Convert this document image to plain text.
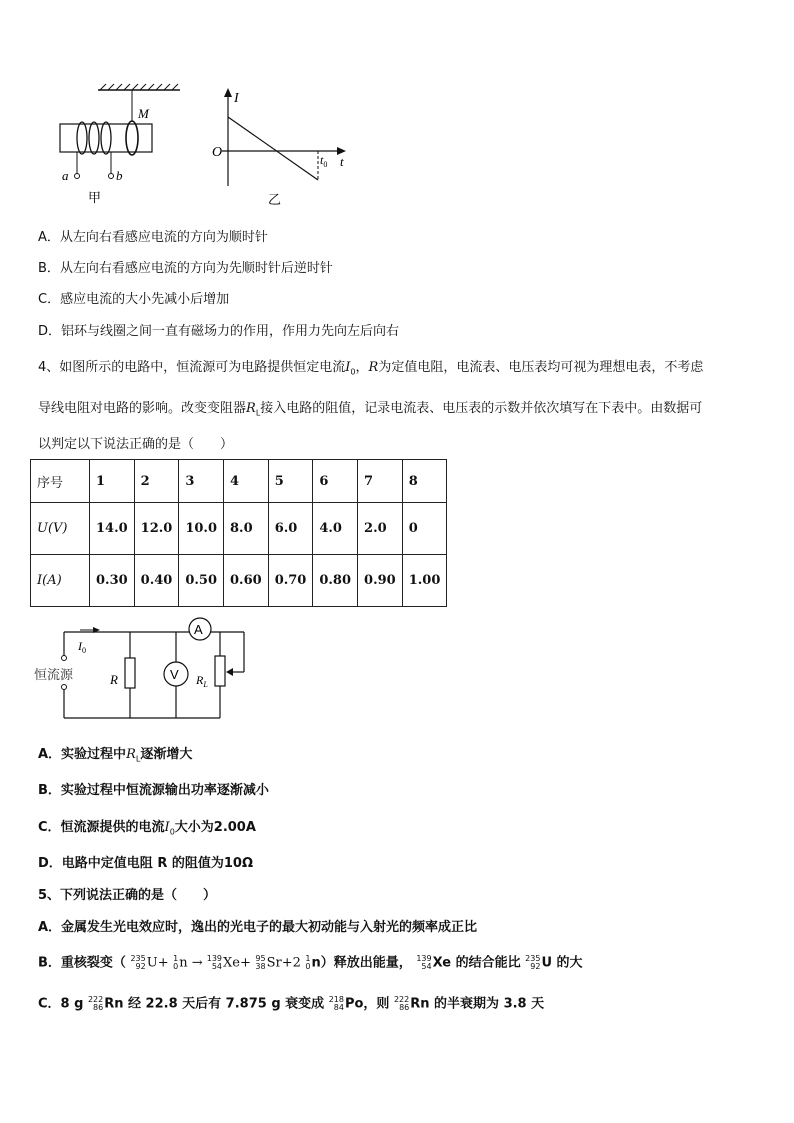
M
a	b
甲
I
O
t
$t_0$
乙
A．从左向右看感应电流的方向为顺时针
B．从左向右看感应电流的方向为先顺时针后逆时针
C．感应电流的大小先减小后增加
D．铝环与线圈之间一直有磁场力的作用，作用力先向左后向右
4、如图所示的电路中，恒流源可为电路提供恒定电流$I_0$，R为定值电阻，电流表、电压表均可视为理想电表，不考虑
导线电阻对电路的影响。改变变阻器$R_L$接入电路的阻值，记录电流表、电压表的示数并依次填写在下表中。由数据可
以判定以下说法正确的是（　　）
序号	1	2	3	4	5	6	7	8
U(V)	14.0	12.0	10.0	8.0	6.0	4.0	2.0	0
I(A)	0.30	0.40	0.50	0.60	0.70	0.80	0.90	1.00
$I_0$
恒流源	R	V
A
$R_L$
A．实验过程中$R_L$逐渐增大
B．实验过程中恒流源输出功率逐渐减小
C．恒流源提供的电流$I_0$大小为2.00A
D．电路中定值电阻 R 的阻值为10Ω
5、下列说法正确的是（　　）
A．金属发生光电效应时，逸出的光电子的最大初动能与入射光的频率成正比
B．重核裂变（ 235
92 U+ 1
0 n → 139
54 Xe+ 95
38 Sr+2 1
0 n）释放出能量， 139
54 Xe 的结合能比 235
92 U 的大
C．8 g 222
86 Rn 经 22.8 天后有 7.875 g 衰变成 218
84 Po，则 222
86 Rn 的半衰期为 3.8 天
